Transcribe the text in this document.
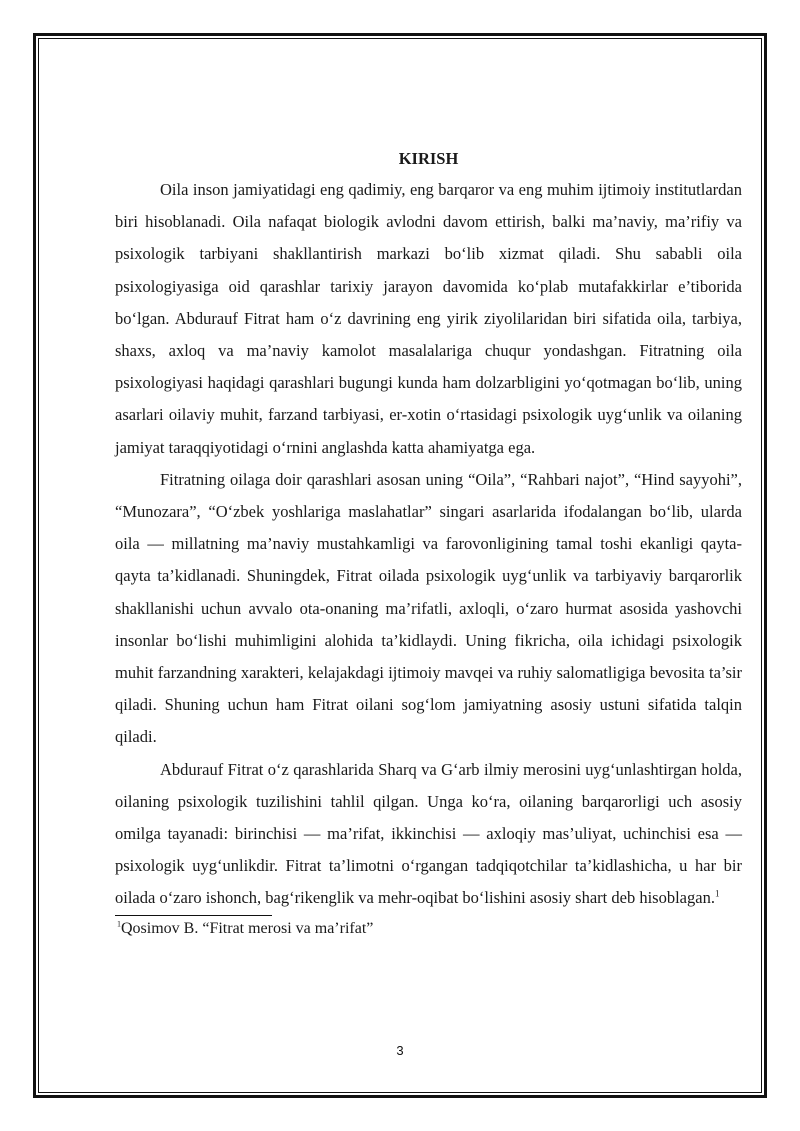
KIRISH

Oila inson jamiyatidagi eng qadimiy, eng barqaror va eng muhim ijtimoiy institutlardan biri hisoblanadi. Oila nafaqat biologik avlodni davom ettirish, balki ma’naviy, ma’rifiy va psixologik tarbiyani shakllantirish markazi bo‘lib xizmat qiladi. Shu sababli oila psixologiyasiga oid qarashlar tarixiy jarayon davomida ko‘plab mutafakkirlar e’tiborida bo‘lgan. Abdurauf Fitrat ham o‘z davrining eng yirik ziyolilaridan biri sifatida oila, tarbiya, shaxs, axloq va ma’naviy kamolot masalalariga chuqur yondashgan. Fitratning oila psixologiyasi haqidagi qarashlari bugungi kunda ham dolzarbligini yo‘qotmagan bo‘lib, uning asarlari oilaviy muhit, farzand tarbiyasi, er-xotin o‘rtasidagi psixologik uyg‘unlik va oilaning jamiyat taraqqiyotidagi o‘rnini anglashda katta ahamiyatga ega.

Fitratning oilaga doir qarashlari asosan uning “Oila”, “Rahbari najot”, “Hind sayyohi”, “Munozara”, “O‘zbek yoshlariga maslahatlar” singari asarlarida ifodalangan bo‘lib, ularda oila — millatning ma’naviy mustahkamligi va farovonligining tamal toshi ekanligi qayta-qayta ta’kidlanadi. Shuningdek, Fitrat oilada psixologik uyg‘unlik va tarbiyaviy barqarorlik shakllanishi uchun avvalo ota-onaning ma’rifatli, axloqli, o‘zaro hurmat asosida yashovchi insonlar bo‘lishi muhimligini alohida ta’kidlaydi. Uning fikricha, oila ichidagi psixologik muhit farzandning xarakteri, kelajakdagi ijtimoiy mavqei va ruhiy salomatligiga bevosita ta’sir qiladi. Shuning uchun ham Fitrat oilani sog‘lom jamiyatning asosiy ustuni sifatida talqin qiladi.

Abdurauf Fitrat o‘z qarashlarida Sharq va G‘arb ilmiy merosini uyg‘unlashtirgan holda, oilaning psixologik tuzilishini tahlil qilgan. Unga ko‘ra, oilaning barqarorligi uch asosiy omilga tayanadi: birinchisi — ma’rifat, ikkinchisi — axloqiy mas’uliyat, uchinchisi esa — psixologik uyg‘unlikdir. Fitrat ta’limotni o‘rgangan tadqiqotchilar ta’kidlashicha, u har bir oilada o‘zaro ishonch, bag‘rikenglik va mehr-oqibat bo‘lishini asosiy shart deb hisoblagan.$^1$

$^1$Qosimov B. “Fitrat merosi va ma’rifat”

3
